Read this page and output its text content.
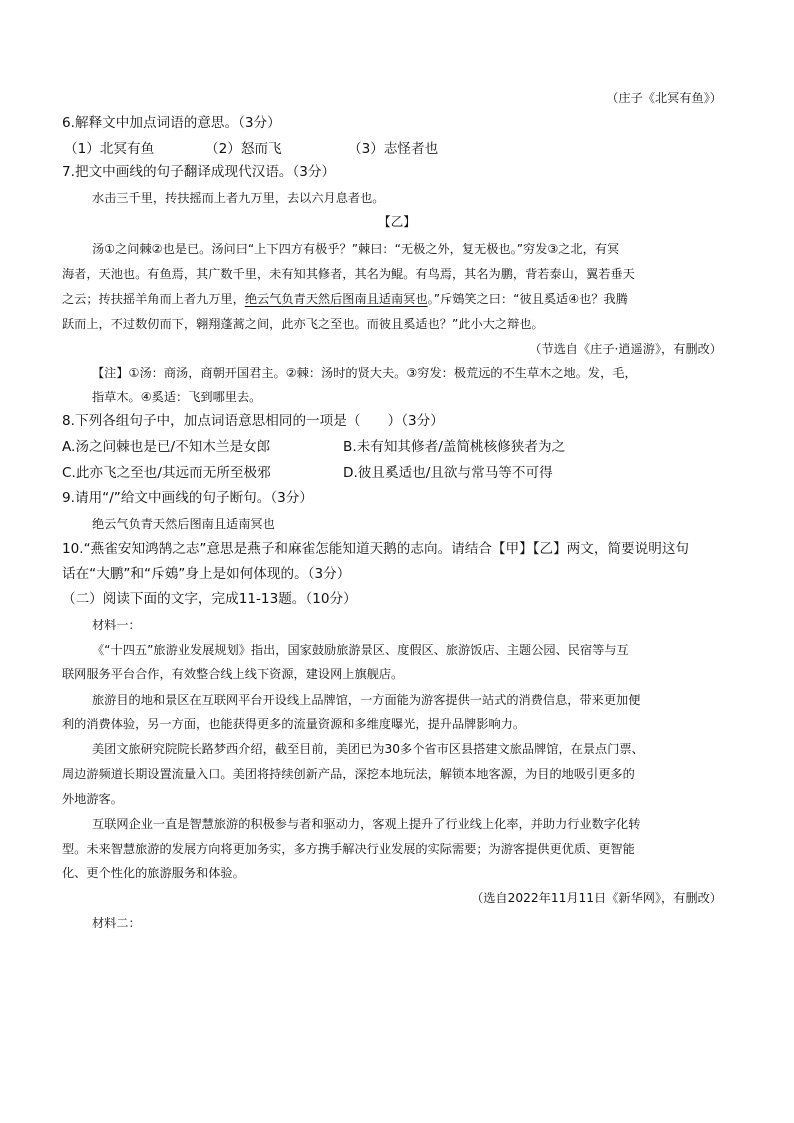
（庄子《北冥有鱼》）
6.解释文中加点词语的意思。（3分）
（1）北冥有鱼	（2）怒而飞	（3）志怪者也
7.把文中画线的句子翻译成现代汉语。（3分）
水击三千里，抟扶摇而上者九万里，去以六月息者也。
【乙】
汤①之问棘②也是已。汤问曰“上下四方有极乎？”棘曰：“无极之外，复无极也。”穷发③之北，有冥
海者，天池也。有鱼焉，其广数千里，未有知其修者，其名为鲲。有鸟焉，其名为鹏，背若泰山，翼若垂天
之云；抟扶摇羊角而上者九万里，绝云气负青天然后图南且适南冥也。”斥鴳笑之曰：“彼且奚适④也？我腾
跃而上，不过数仞而下，翱翔蓬蒿之间，此亦飞之至也。而彼且奚适也？”此小大之辩也。
（节选自《庄子·逍遥游》，有删改）
【注】①汤：商汤，商朝开国君主。②棘：汤时的贤大夫。③穷发：极荒远的不生草木之地。发，毛，
指草木。④奚适：飞到哪里去。
8.下列各组句子中，加点词语意思相同的一项是（　　）（3分）
A.汤之问棘也是已/不知木兰是女郎	B.未有知其修者/盖简桃核修狭者为之
C.此亦飞之至也/其远而无所至极邪	D.彼且奚适也/且欲与常马等不可得
9.请用“/”给文中画线的句子断句。（3分）
绝云气负青天然后图南且适南冥也
10.“燕雀安知鸿鹄之志”意思是燕子和麻雀怎能知道天鹅的志向。请结合【甲】【乙】两文，简要说明这句
话在“大鹏”和“斥鴳”身上是如何体现的。（3分）
（二）阅读下面的文字，完成11-13题。（10分）
材料一：
《“十四五”旅游业发展规划》指出，国家鼓励旅游景区、度假区、旅游饭店、主题公园、民宿等与互
联网服务平台合作，有效整合线上线下资源，建设网上旗舰店。
旅游目的地和景区在互联网平台开设线上品牌馆，一方面能为游客提供一站式的消费信息，带来更加便
利的消费体验，另一方面，也能获得更多的流量资源和多维度曝光，提升品牌影响力。
美团文旅研究院院长路梦西介绍，截至目前，美团已为30多个省市区县搭建文旅品牌馆，在景点门票、
周边游频道长期设置流量入口。美团将持续创新产品，深挖本地玩法，解锁本地客源，为目的地吸引更多的
外地游客。
互联网企业一直是智慧旅游的积极参与者和驱动力，客观上提升了行业线上化率，并助力行业数字化转
型。未来智慧旅游的发展方向将更加务实，多方携手解决行业发展的实际需要；为游客提供更优质、更智能
化、更个性化的旅游服务和体验。
（选自2022年11月11日《新华网》，有删改）
材料二：
